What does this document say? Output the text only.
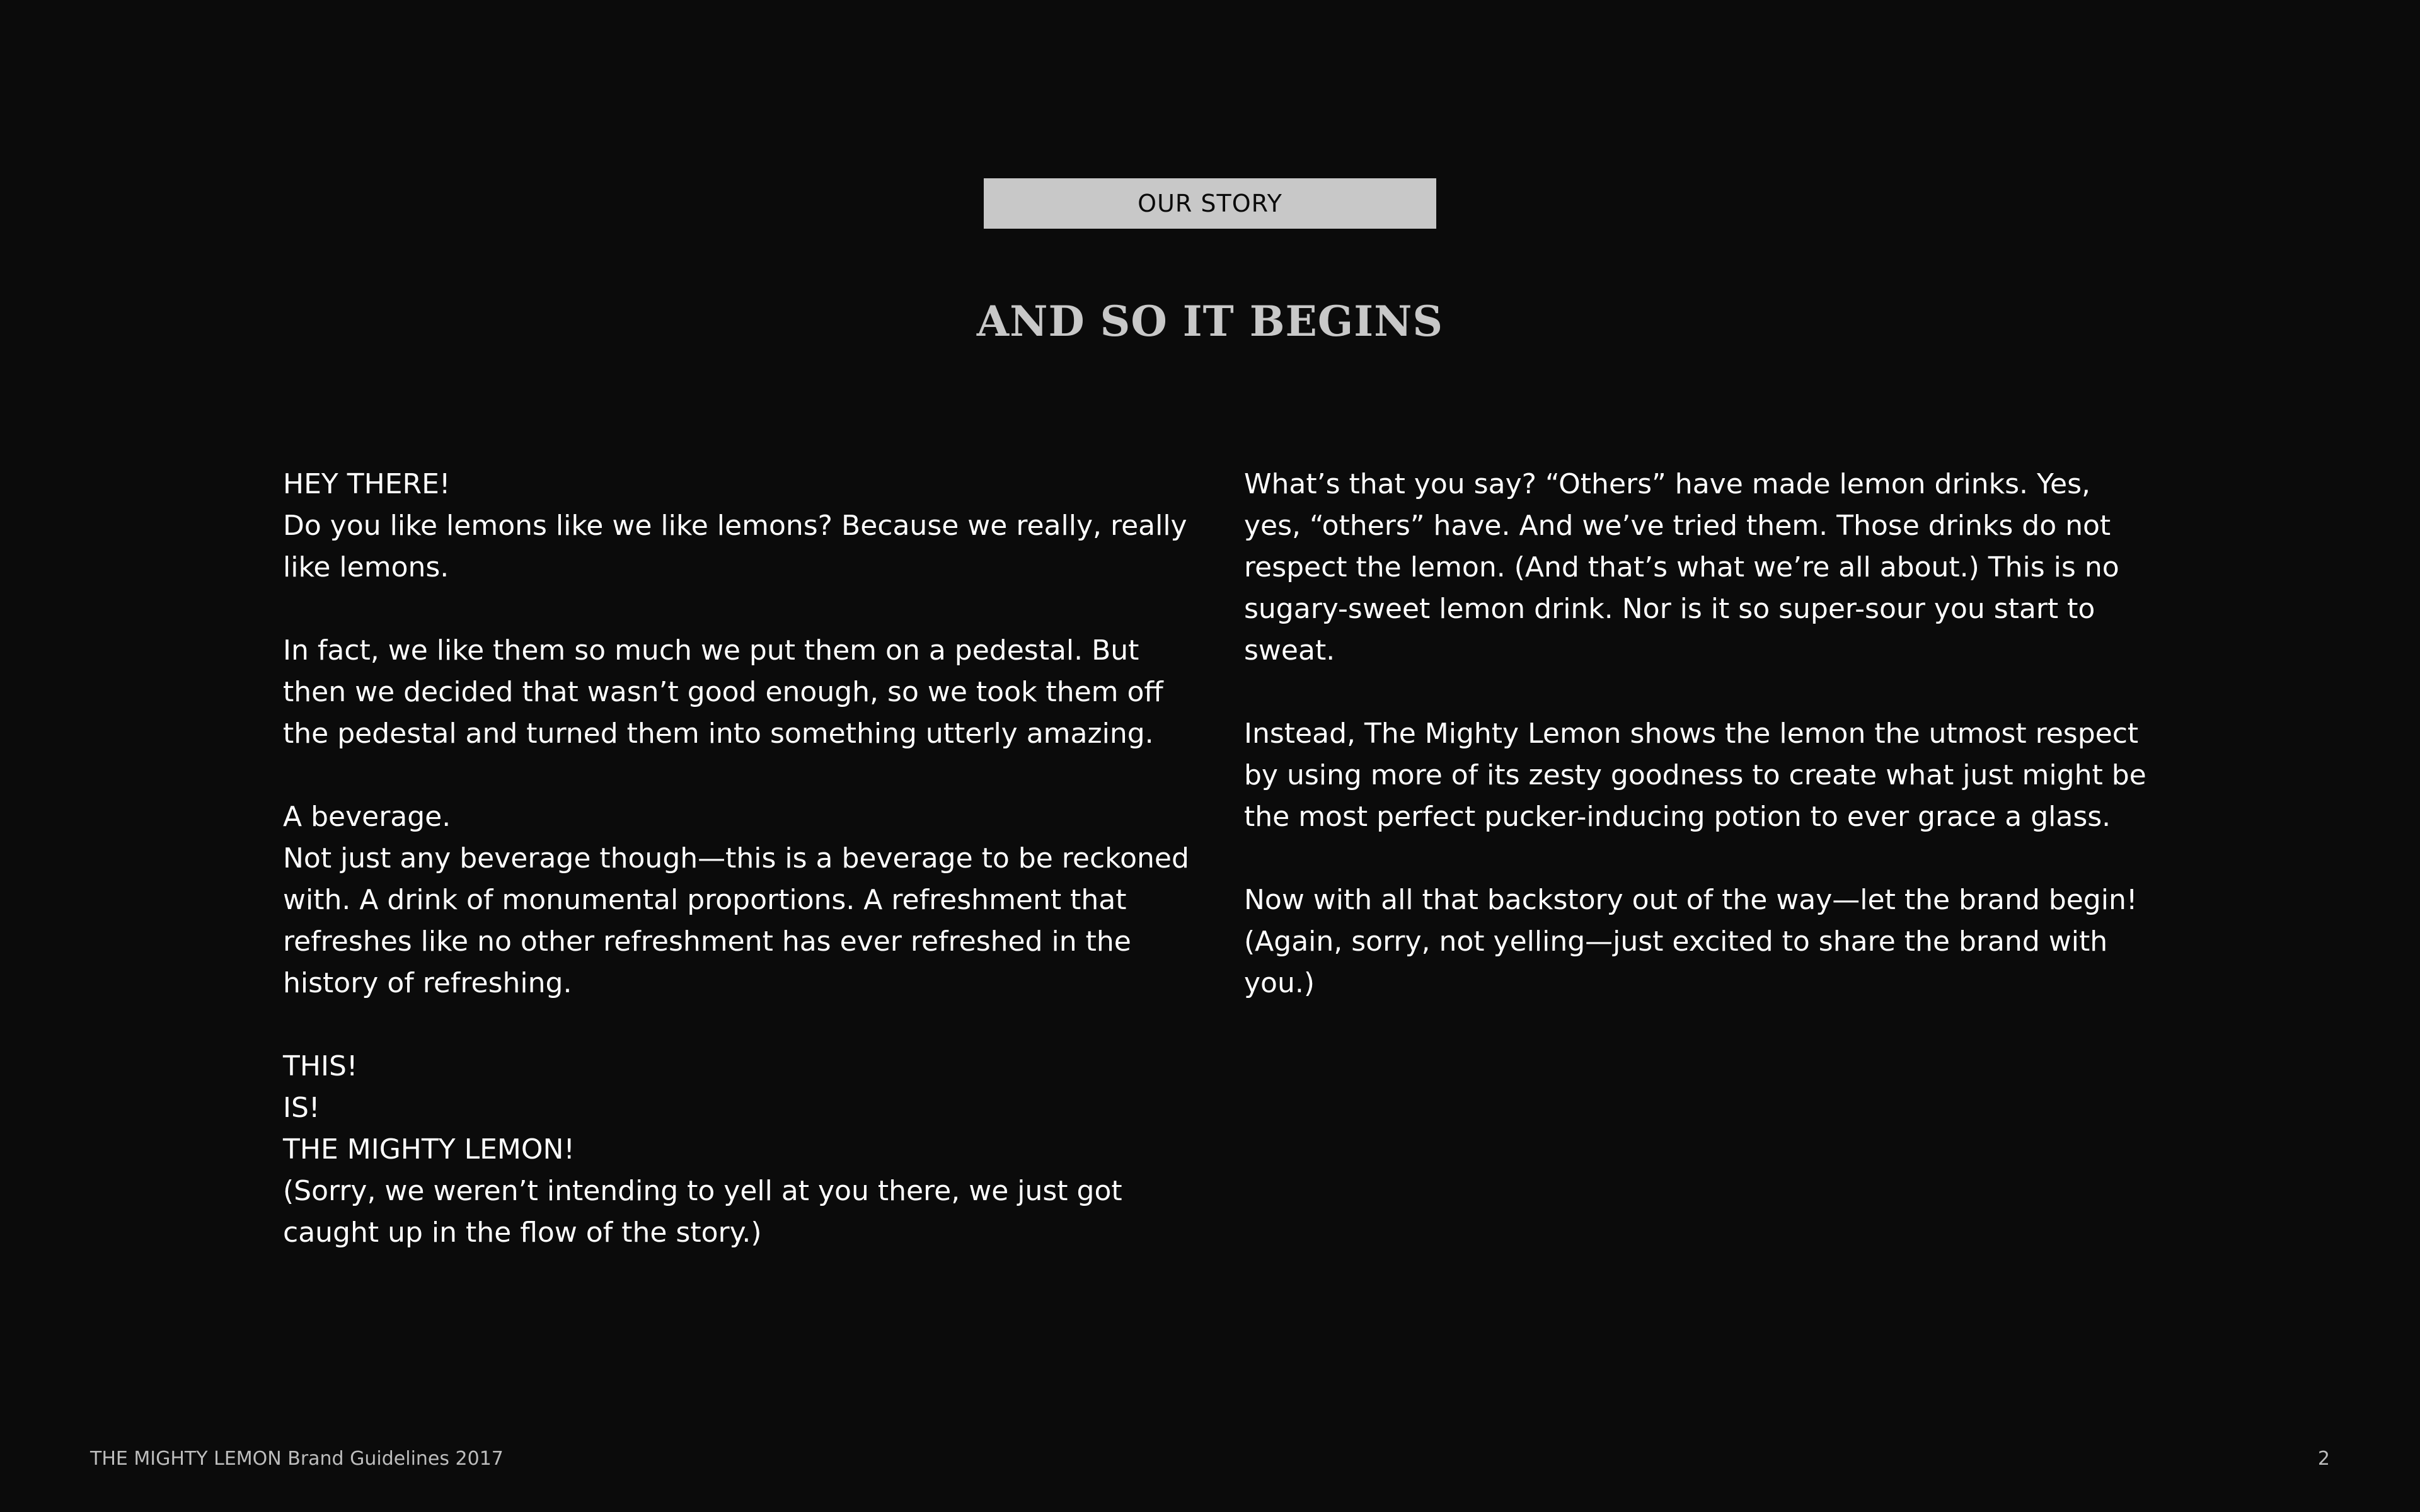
OUR STORY
AND SO IT BEGINS

HEY THERE!
Do you like lemons like we like lemons? Because we really, really like lemons.

In fact, we like them so much we put them on a pedestal. But then we decided that wasn’t good enough, so we took them off the pedestal and turned them into something utterly amazing.

A beverage.
Not just any beverage though—this is a beverage to be reckoned with. A drink of monumental proportions. A refreshment that refreshes like no other refreshment has ever refreshed in the history of refreshing.

THIS!
IS!
THE MIGHTY LEMON!
(Sorry, we weren’t intending to yell at you there, we just got caught up in the flow of the story.)

What’s that you say? “Others” have made lemon drinks. Yes, yes, “others” have. And we’ve tried them. Those drinks do not respect the lemon. (And that’s what we’re all about.) This is no sugary-sweet lemon drink. Nor is it so super-sour you start to sweat.

Instead, The Mighty Lemon shows the lemon the utmost respect by using more of its zesty goodness to create what just might be the most perfect pucker-inducing potion to ever grace a glass.

Now with all that backstory out of the way—let the brand begin!
(Again, sorry, not yelling—just excited to share the brand with you.)

THE MIGHTY LEMON Brand Guidelines 2017	2
